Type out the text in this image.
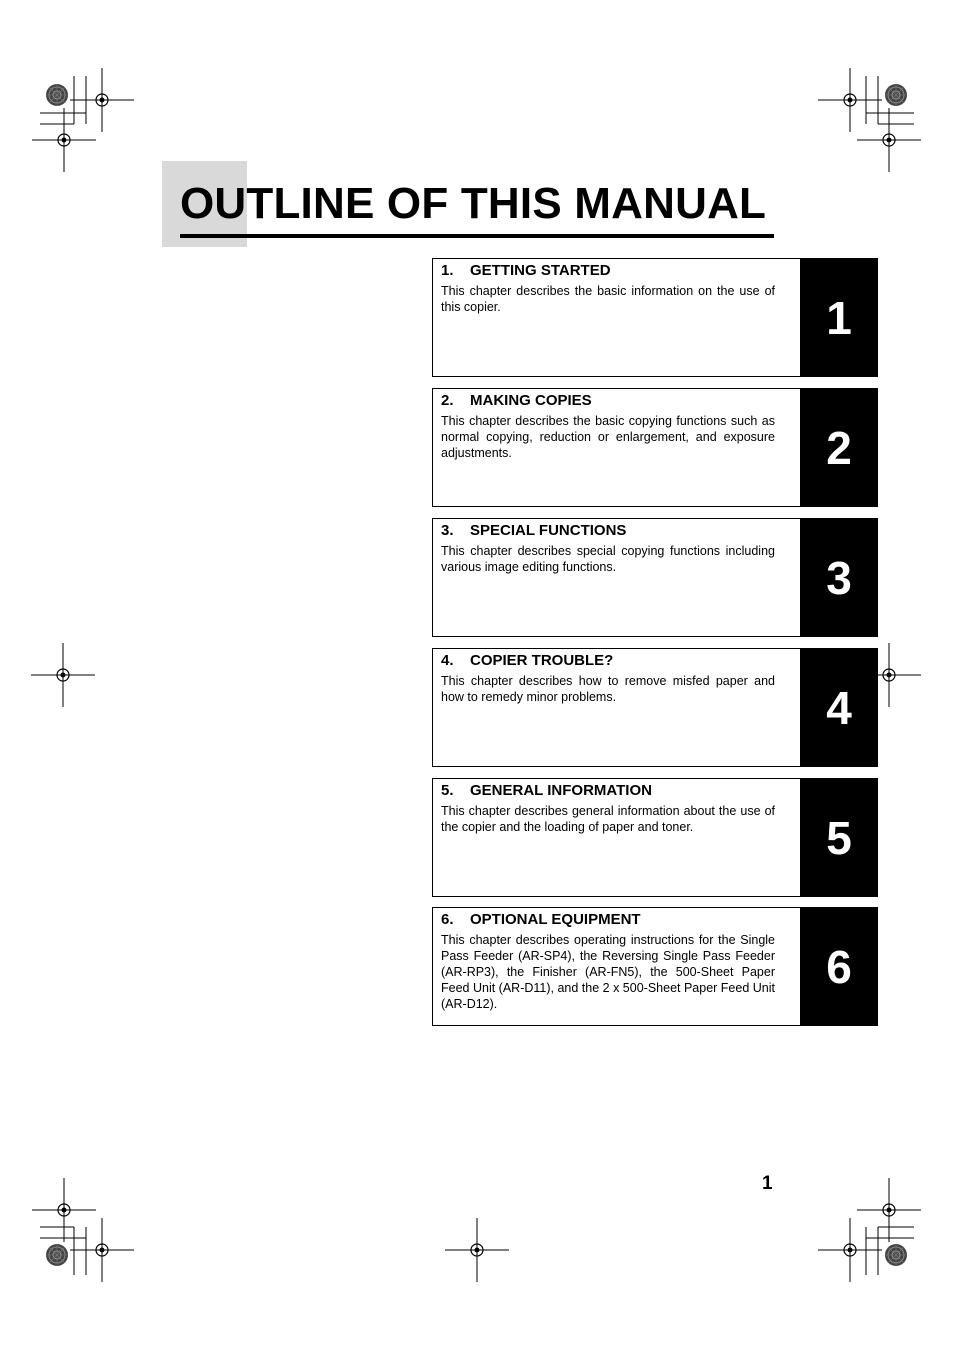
OUTLINE OF THIS MANUAL
1. GETTING STARTED
This chapter describes the basic information on the use of this copier.	1
2. MAKING COPIES
This chapter describes the basic copying functions such as normal copying, reduction or enlargement, and exposure adjustments.	2
3. SPECIAL FUNCTIONS
This chapter describes special copying functions including various image editing functions.	3
4. COPIER TROUBLE?
This chapter describes how to remove misfed paper and how to remedy minor problems.	4
5. GENERAL INFORMATION
This chapter describes general information about the use of the copier and the loading of paper and toner.	5
6. OPTIONAL EQUIPMENT
This chapter describes operating instructions for the Single Pass Feeder (AR-SP4), the Reversing Single Pass Feeder (AR-RP3), the Finisher (AR-FN5), the 500-Sheet Paper Feed Unit (AR-D11), and the 2 x 500-Sheet Paper Feed Unit (AR-D12).
6
1
